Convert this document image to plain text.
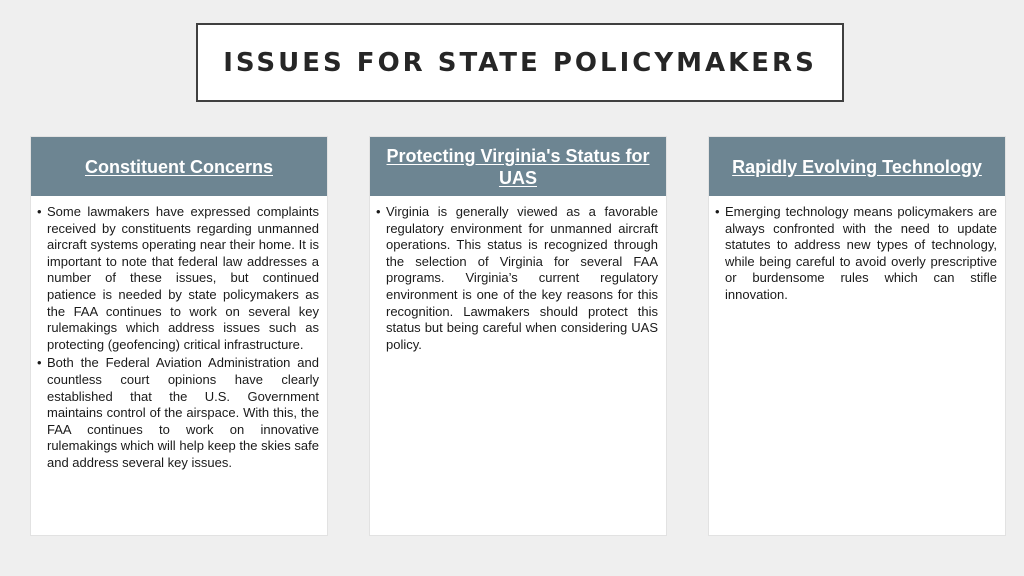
ISSUES FOR STATE POLICYMAKERS
Constituent Concerns
• Some lawmakers have expressed complaints received by constituents regarding unmanned aircraft systems operating near their home. It is important to note that federal law addresses a number of these issues, but continued patience is needed by state policymakers as the FAA continues to work on several key rulemakings which address issues such as protecting (geofencing) critical infrastructure.
• Both the Federal Aviation Administration and countless court opinions have clearly established that the U.S. Government maintains control of the airspace. With this, the FAA continues to work on innovative rulemakings which will help keep the skies safe and address several key issues.
Protecting Virginia's Status for UAS
• Virginia is generally viewed as a favorable regulatory environment for unmanned aircraft operations. This status is recognized through the selection of Virginia for several FAA programs. Virginia’s current regulatory environment is one of the key reasons for this recognition. Lawmakers should protect this status but being careful when considering UAS policy.
Rapidly Evolving Technology
• Emerging technology means policymakers are always confronted with the need to update statutes to address new types of technology, while being careful to avoid overly prescriptive or burdensome rules which can stifle innovation.
